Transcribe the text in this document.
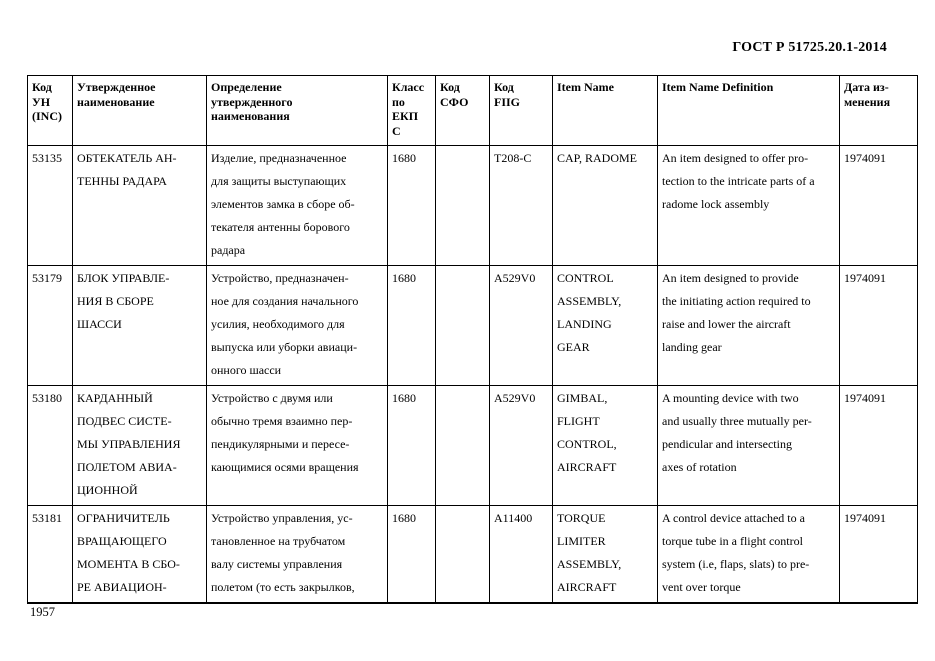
ГОСТ Р 51725.20.1-2014
Код
УН
(INC)	Утвержденное
наименование	Определение
утвержденного
наименования	Класс
по
ЕКП
С	Код
СФО	Код
FIIG	Item Name	Item Name Definition	Дата из-
менения

53135	ОБТЕКАТЕЛЬ АН-
ТЕННЫ РАДАРА	Изделие, предназначенное
для защиты выступающих
элементов замка в сборе об-
текателя антенны борового
радара	1680		T208-C	CAP, RADOME	An item designed to offer pro-
tection to the intricate parts of a
radome lock assembly	1974091
53179	БЛОК УПРАВЛЕ-
НИЯ В СБОРЕ
ШАССИ	Устройство, предназначен-
ное для создания начального
усилия, необходимого для
выпуска или уборки авиаци-
онного шасси	1680		A529V0	CONTROL
ASSEMBLY,
LANDING
GEAR	An item designed to provide
the initiating action required to
raise and lower the aircraft
landing gear	1974091
53180	КАРДАННЫЙ
ПОДВЕС СИСТЕ-
МЫ УПРАВЛЕНИЯ
ПОЛЕТОМ АВИА-
ЦИОННОЙ	Устройство с двумя или
обычно тремя взаимно пер-
пендикулярными и пересе-
кающимися осями вращения	1680		A529V0	GIMBAL,
FLIGHT
CONTROL,
AIRCRAFT	A mounting device with two
and usually three mutually per-
pendicular and intersecting
axes of rotation	1974091
53181	ОГРАНИЧИТЕЛЬ
ВРАЩАЮЩЕГО
МОМЕНТА В СБО-
РЕ АВИАЦИОН-	Устройство управления, ус-
тановленное на трубчатом
валу системы управления
полетом (то есть закрылков,	1680		A11400	TORQUE
LIMITER
ASSEMBLY,
AIRCRAFT	A control device attached to a
torque tube in a flight control
system (i.e, flaps, slats) to pre-
vent over torque	1974091
1957
